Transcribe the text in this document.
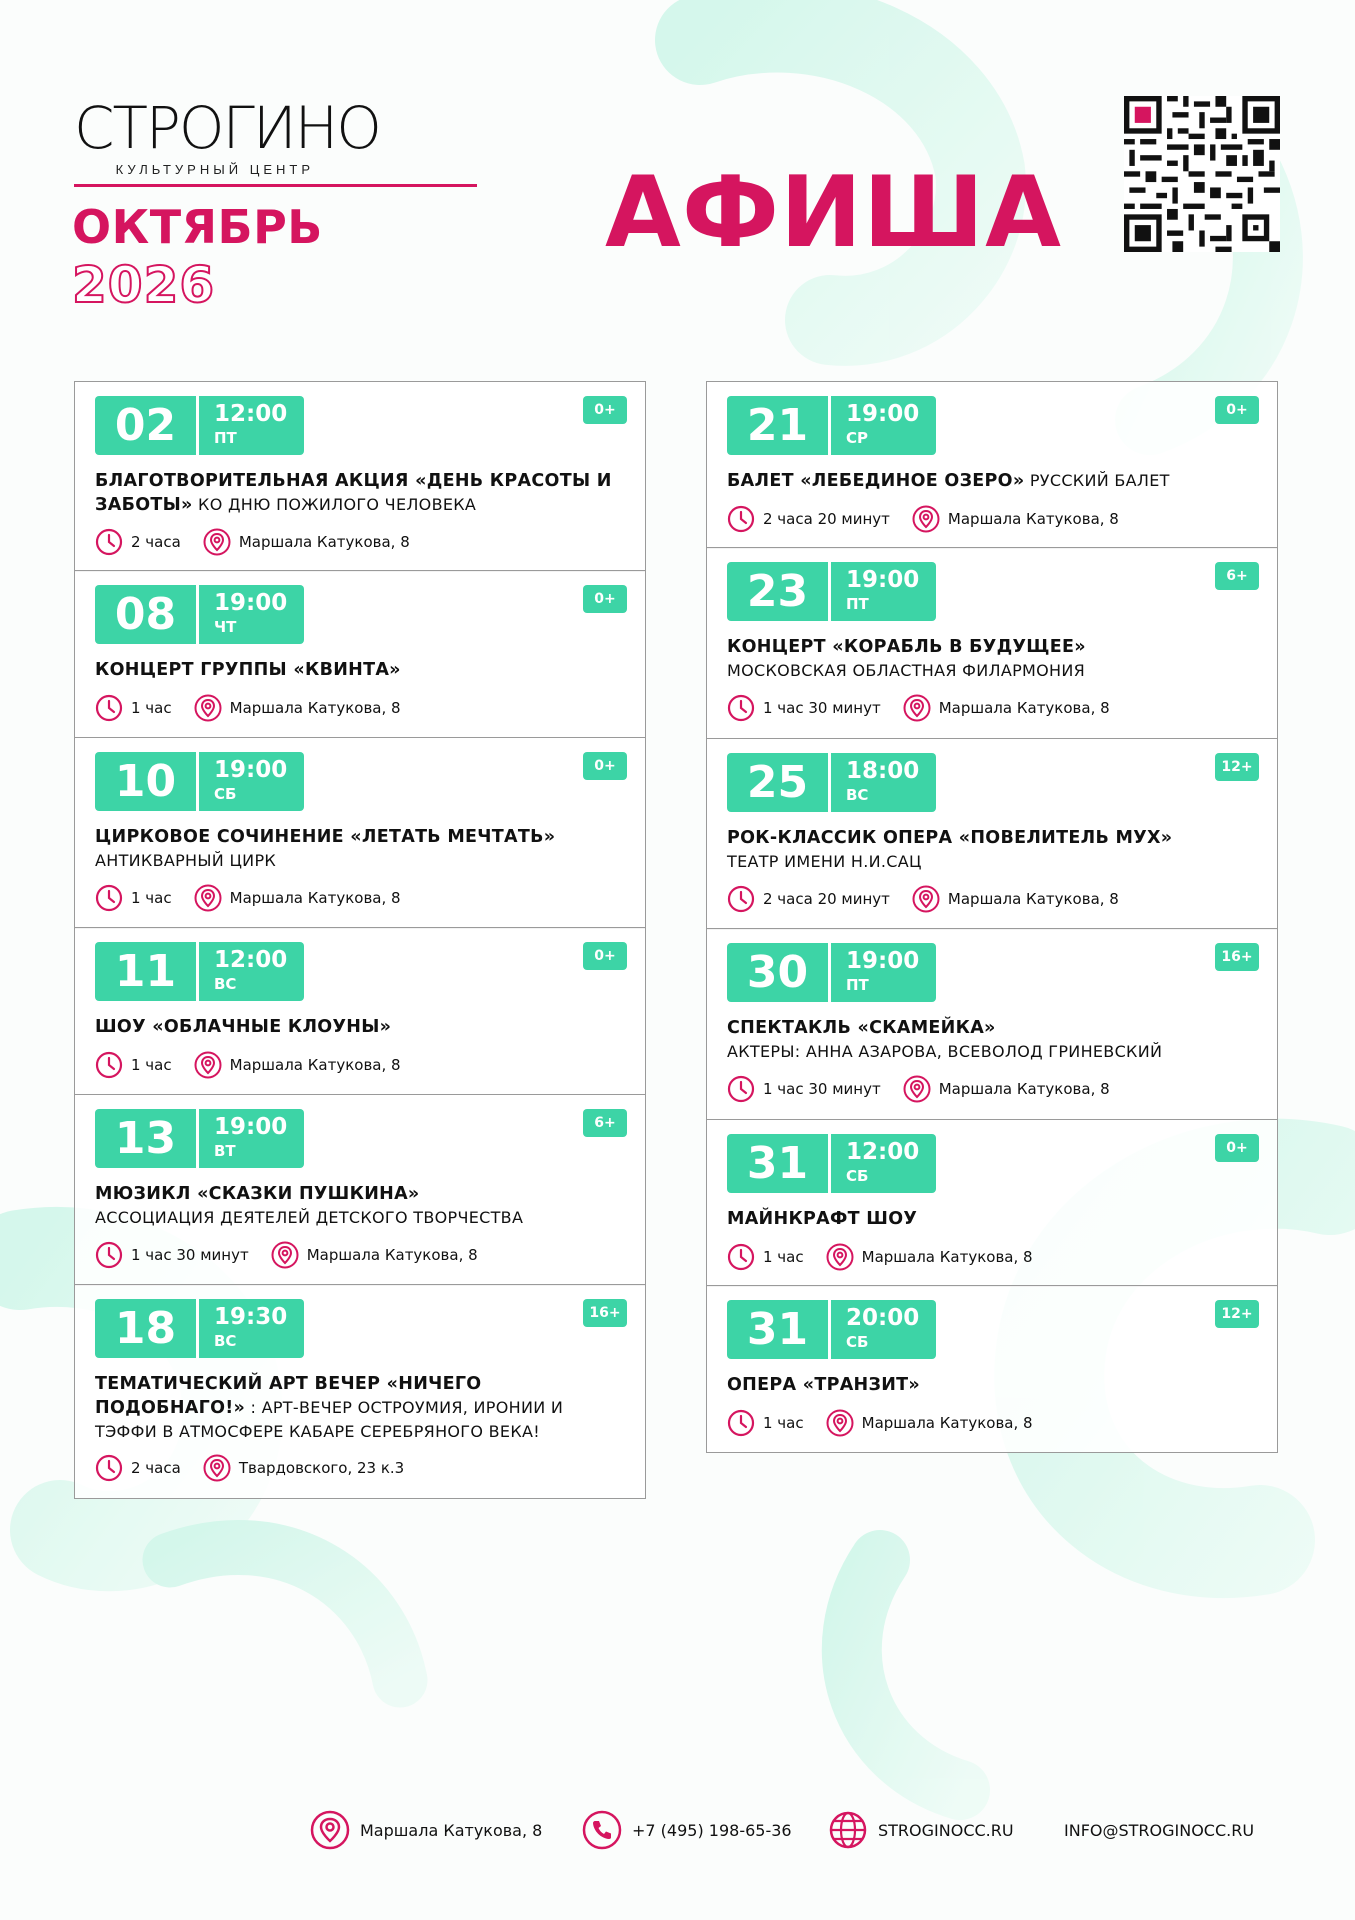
СТРОГИНО
КУЛЬТУРНЫЙ ЦЕНТР
ОКТЯБРЬ
2026
АФИША
02	12:00
ПТ
0+
БЛАГОТВОРИТЕЛЬНАЯ АКЦИЯ «ДЕНЬ КРАСОТЫ И ЗАБОТЫ» КО ДНЮ ПОЖИЛОГО ЧЕЛОВЕКА
2 часа	Маршала Катукова, 8
08	19:00
ЧТ
0+
КОНЦЕРТ ГРУППЫ «КВИНТА»
1 час	Маршала Катукова, 8
10	19:00
СБ
0+
ЦИРКОВОЕ СОЧИНЕНИЕ «ЛЕТАТЬ МЕЧТАТЬ»
АНТИКВАРНЫЙ ЦИРК
1 час	Маршала Катукова, 8
11	12:00
ВС
0+
ШОУ «ОБЛАЧНЫЕ КЛОУНЫ»
1 час	Маршала Катукова, 8
13	19:00
ВТ
6+
МЮЗИКЛ «СКАЗКИ ПУШКИНА»
АССОЦИАЦИЯ ДЕЯТЕЛЕЙ ДЕТСКОГО ТВОРЧЕСТВА
1 час 30 минут	Маршала Катукова, 8
18	19:30
ВС
16+
ТЕМАТИЧЕСКИЙ АРТ ВЕЧЕР «НИЧЕГО ПОДОБНАГО!» : АРТ-ВЕЧЕР ОСТРОУМИЯ, ИРОНИИ И ТЭФФИ В АТМОСФЕРЕ КАБАРЕ СЕРЕБРЯНОГО ВЕКА!
2 часа	Твардовского, 23 к.3
21	19:00
СР
0+
БАЛЕТ «ЛЕБЕДИНОЕ ОЗЕРО» РУССКИЙ БАЛЕТ
2 часа 20 минут	Маршала Катукова, 8
23	19:00
ПТ
6+
КОНЦЕРТ «КОРАБЛЬ В БУДУЩЕЕ»
МОСКОВСКАЯ ОБЛАСТНАЯ ФИЛАРМОНИЯ
1 час 30 минут	Маршала Катукова, 8
25	18:00
ВС
12+
РОК-КЛАССИК ОПЕРА «ПОВЕЛИТЕЛЬ МУХ»
ТЕАТР ИМЕНИ Н.И.САЦ
2 часа 20 минут	Маршала Катукова, 8
30	19:00
ПТ
16+
СПЕКТАКЛЬ «СКАМЕЙКА»
АКТЕРЫ: АННА АЗАРОВА, ВСЕВОЛОД ГРИНЕВСКИЙ
1 час 30 минут	Маршала Катукова, 8
31	12:00
СБ
0+
МАЙНКРАФТ ШОУ
1 час	Маршала Катукова, 8
31	20:00
СБ
12+
ОПЕРА «ТРАНЗИТ»
1 час	Маршала Катукова, 8
Маршала Катукова, 8	+7 (495) 198-65-36	STROGINOCC.RU	INFO@STROGINOCC.RU
